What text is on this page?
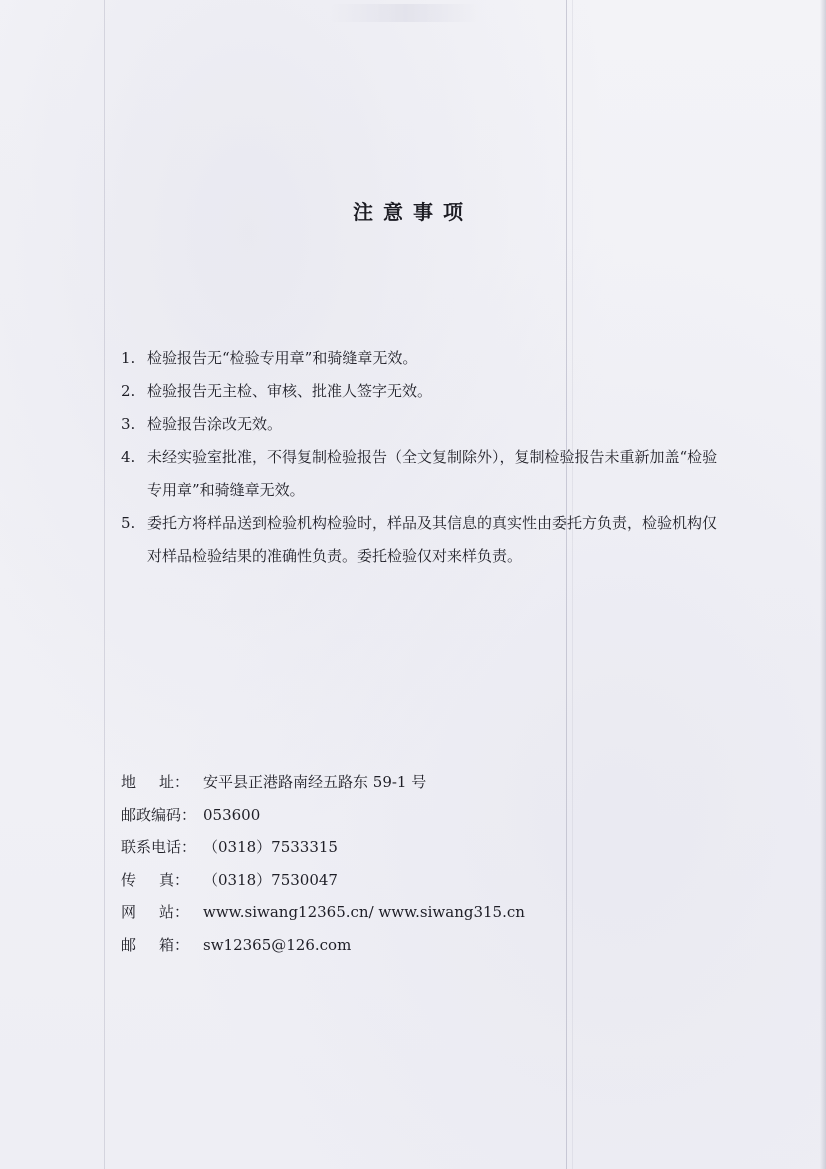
注意事项
1. 检验报告无“检验专用章”和骑缝章无效。
2. 检验报告无主检、审核、批准人签字无效。
3. 检验报告涂改无效。
4. 未经实验室批准，不得复制检验报告（全文复制除外），复制检验报告未重新加盖“检验专用章”和骑缝章无效。
5. 委托方将样品送到检验机构检验时，样品及其信息的真实性由委托方负责，检验机构仅对样品检验结果的准确性负责。委托检验仅对来样负责。
地 址： 安平县正港路南经五路东 59-1 号
邮政编码： 053600
联系电话： （0318）7533315
传 真： （0318）7530047
网 站： www.siwang12365.cn/ www.siwang315.cn
邮 箱： sw12365@126.com
